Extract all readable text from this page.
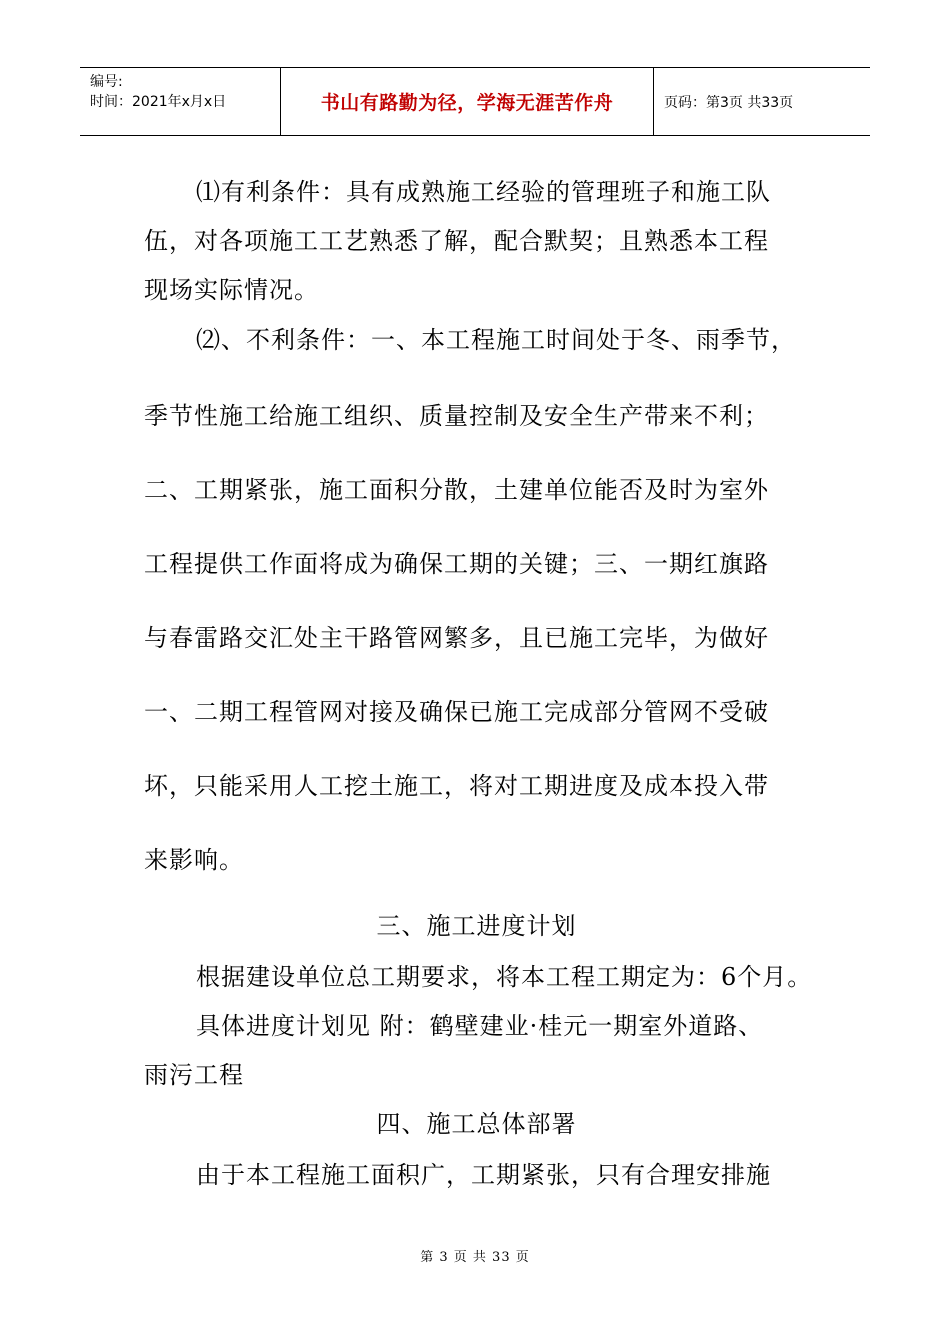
编号:
时间：2021年x月x日	书山有路勤为径，学海无涯苦作舟	页码：第3页 共33页
⑴有利条件：具有成熟施工经验的管理班子和施工队
伍，对各项施工工艺熟悉了解，配合默契；且熟悉本工程
现场实际情况。
⑵、不利条件：一、本工程施工时间处于冬、雨季节，
季节性施工给施工组织、质量控制及安全生产带来不利；
二、工期紧张，施工面积分散，土建单位能否及时为室外
工程提供工作面将成为确保工期的关键；三、一期红旗路
与春雷路交汇处主干路管网繁多，且已施工完毕，为做好
一、二期工程管网对接及确保已施工完成部分管网不受破
坏，只能采用人工挖土施工，将对工期进度及成本投入带
来影响。
三、施工进度计划
根据建设单位总工期要求，将本工程工期定为：6个月。
具体进度计划见 附：鹤壁建业·桂元一期室外道路、
雨污工程
四、施工总体部署
由于本工程施工面积广，工期紧张，只有合理安排施
第 3 页 共 33 页
